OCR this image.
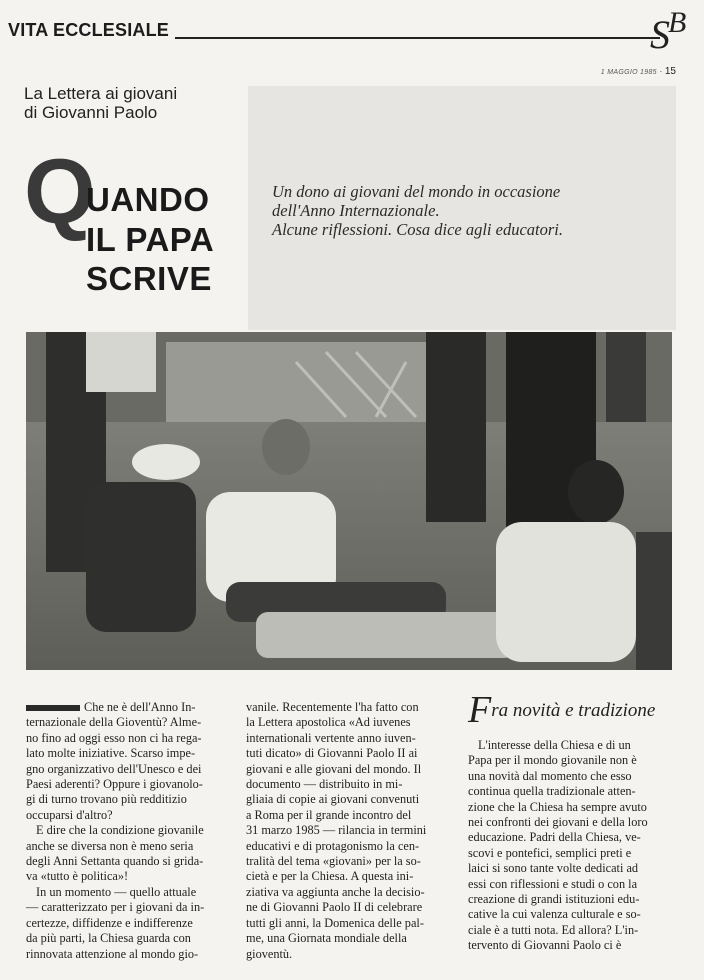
VITA ECCLESIALE	S
B
1 MAGGIO 1985 · 15

La Lettera ai giovani
di Giovanni Paolo

Q
UANDO
IL PAPA
SCRIVE
Un dono ai giovani del mondo in occasione
dell'Anno Internazionale.
Alcune riflessioni. Cosa dice agli educatori.
Che ne è dell'Anno In-
ternazionale della Gioventù? Alme-
no fino ad oggi esso non ci ha rega-
lato molte iniziative. Scarso impe-
gno organizzativo dell'Unesco e dei
Paesi aderenti? Oppure i giovanolo-
gi di turno trovano più redditizio
occuparsi d'altro?
E dire che la condizione giovanile
anche se diversa non è meno seria
degli Anni Settanta quando si grida-
va «tutto è politica»!
In un momento — quello attuale
— caratterizzato per i giovani da in-
certezze, diffidenze e indifferenze
da più parti, la Chiesa guarda con
rinnovata attenzione al mondo gio-
vanile. Recentemente l'ha fatto con
la Lettera apostolica «Ad iuvenes
internationali vertente anno iuven-
tuti dicato» di Giovanni Paolo II ai
giovani e alle giovani del mondo. Il
documento — distribuito in mi-
gliaia di copie ai giovani convenuti
a Roma per il grande incontro del
31 marzo 1985 — rilancia in termini
educativi e di protagonismo la cen-
tralità del tema «giovani» per la so-
cietà e per la Chiesa. A questa ini-
ziativa va aggiunta anche la decisio-
ne di Giovanni Paolo II di celebrare
tutti gli anni, la Domenica delle pal-
me, una Giornata mondiale della
gioventù.
Fra novità e tradizione
L'interesse della Chiesa e di un
Papa per il mondo giovanile non è
una novità dal momento che esso
continua quella tradizionale atten-
zione che la Chiesa ha sempre avuto
nei confronti dei giovani e della loro
educazione. Padri della Chiesa, ve-
scovi e pontefici, semplici preti e
laici si sono tante volte dedicati ad
essi con riflessioni e studi o con la
creazione di grandi istituzioni edu-
cative la cui valenza culturale e so-
ciale è a tutti nota. Ed allora? L'in-
tervento di Giovanni Paolo ci è
